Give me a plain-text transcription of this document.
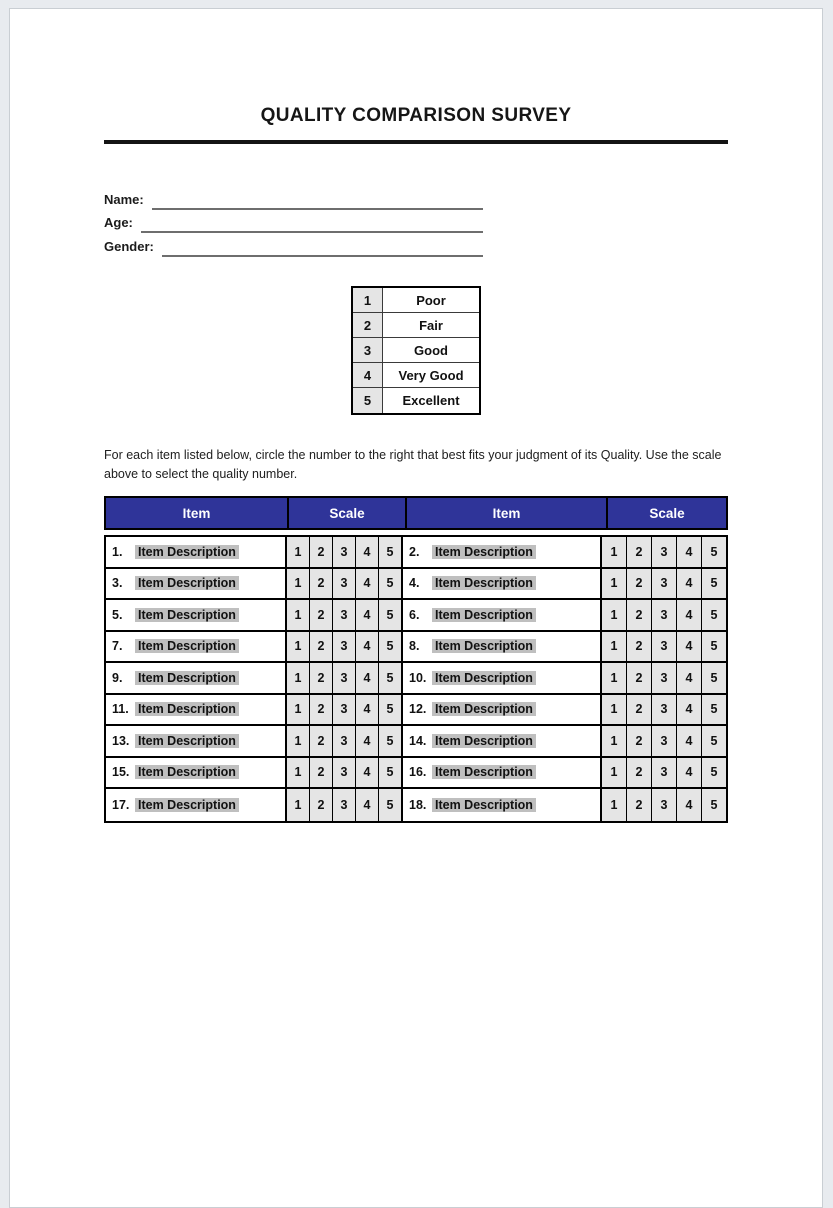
QUALITY COMPARISON SURVEY
Name:
Age:
Gender:
1	Poor
2	Fair
3	Good
4	Very Good
5	Excellent
For each item listed below, circle the number to the right that best fits your judgment of its Quality. Use the scale above to select the quality number.
Item	Scale	Item	Scale
1.	Item Description	1	2	3	4	5	2.	Item Description	1	2	3	4	5
3.	Item Description	1	2	3	4	5	4.	Item Description	1	2	3	4	5
5.	Item Description	1	2	3	4	5	6.	Item Description	1	2	3	4	5
7.	Item Description	1	2	3	4	5	8.	Item Description	1	2	3	4	5
9.	Item Description	1	2	3	4	5	10. Item Description	1	2	3	4	5
11. Item Description	1	2	3	4	5	12. Item Description	1	2	3	4	5
13. Item Description	1	2	3	4	5	14. Item Description	1	2	3	4	5
15. Item Description	1	2	3	4	5	16. Item Description	1	2	3	4	5
17. Item Description	1	2	3	4	5	18. Item Description	1	2	3	4	5
